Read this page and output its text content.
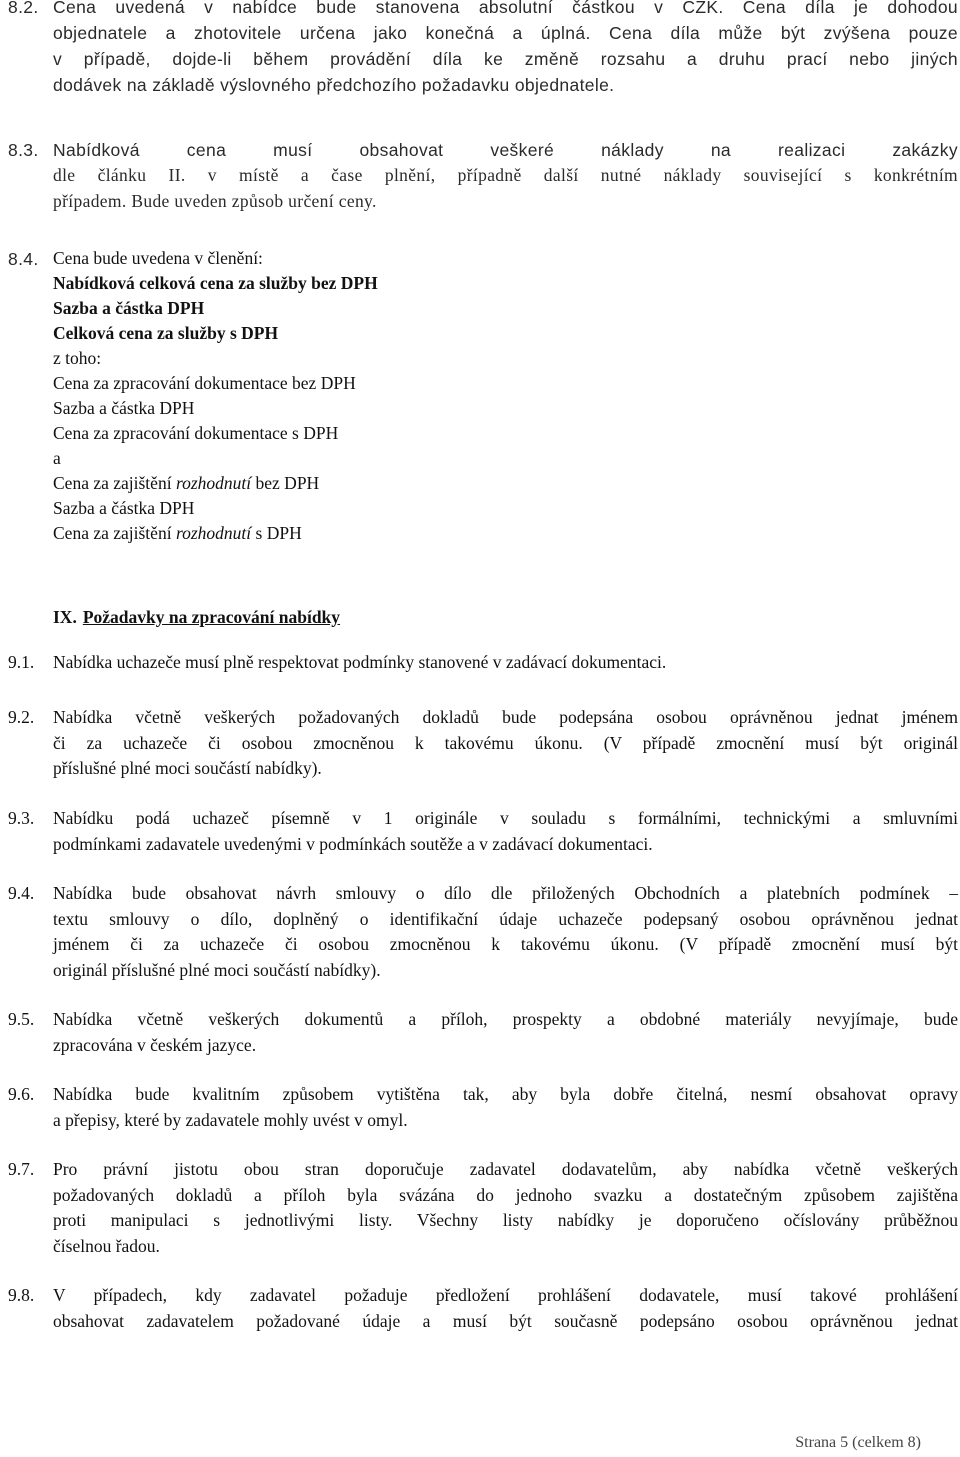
8.2. Cena uvedená v nabídce bude stanovena absolutní částkou v CZK. Cena díla je dohodou
objednatele a zhotovitele určena jako konečná a úplná. Cena díla může být zvýšena pouze
v případě, dojde-li během provádění díla ke změně rozsahu a druhu prací nebo jiných
dodávek na základě výslovného předchozího požadavku objednatele.
8.3. Nabídková cena musí obsahovat veškeré náklady na realizaci zakázky
dle článku II. v místě a čase plnění, případně další nutné náklady související s konkrétním
případem. Bude uveden způsob určení ceny.
8.4. Cena bude uvedena v členění:
Nabídková celková cena za služby bez DPH
Sazba a částka DPH
Celková cena za služby s DPH
z toho:
Cena za zpracování dokumentace bez DPH
Sazba a částka DPH
Cena za zpracování dokumentace s DPH
a
Cena za zajištění rozhodnutí bez DPH
Sazba a částka DPH
Cena za zajištění rozhodnutí s DPH
IX. Požadavky na zpracování nabídky
9.1.	Nabídka uchazeče musí plně respektovat podmínky stanovené v zadávací dokumentaci.
9.2.	Nabídka včetně veškerých požadovaných dokladů bude podepsána osobou oprávněnou jednat jménem
či za uchazeče či osobou zmocněnou k takovému úkonu. (V případě zmocnění musí být originál
příslušné plné moci součástí nabídky).
9.3.	Nabídku podá uchazeč písemně v 1 originále v souladu s formálními, technickými a smluvními
podmínkami zadavatele uvedenými v podmínkách soutěže a v zadávací dokumentaci.
9.4.	Nabídka bude obsahovat návrh smlouvy o dílo dle přiložených Obchodních a platebních podmínek –
textu smlouvy o dílo, doplněný o identifikační údaje uchazeče podepsaný osobou oprávněnou jednat
jménem či za uchazeče či osobou zmocněnou k takovému úkonu. (V případě zmocnění musí být
originál příslušné plné moci součástí nabídky).
9.5.	Nabídka včetně veškerých dokumentů a příloh, prospekty a obdobné materiály nevyjímaje, bude
zpracována v českém jazyce.
9.6.	Nabídka bude kvalitním způsobem vytištěna tak, aby byla dobře čitelná, nesmí obsahovat opravy
a přepisy, které by zadavatele mohly uvést v omyl.
9.7.	Pro právní jistotu obou stran doporučuje zadavatel dodavatelům, aby nabídka včetně veškerých
požadovaných dokladů a příloh byla svázána do jednoho svazku a dostatečným způsobem zajištěna
proti manipulaci s jednotlivými listy. Všechny listy nabídky je doporučeno očíslovány průběžnou
číselnou řadou.
9.8.	V případech, kdy zadavatel požaduje předložení prohlášení dodavatele, musí takové prohlášení
obsahovat zadavatelem požadované údaje a musí být současně podepsáno osobou oprávněnou jednat
Strana 5 (celkem 8)
